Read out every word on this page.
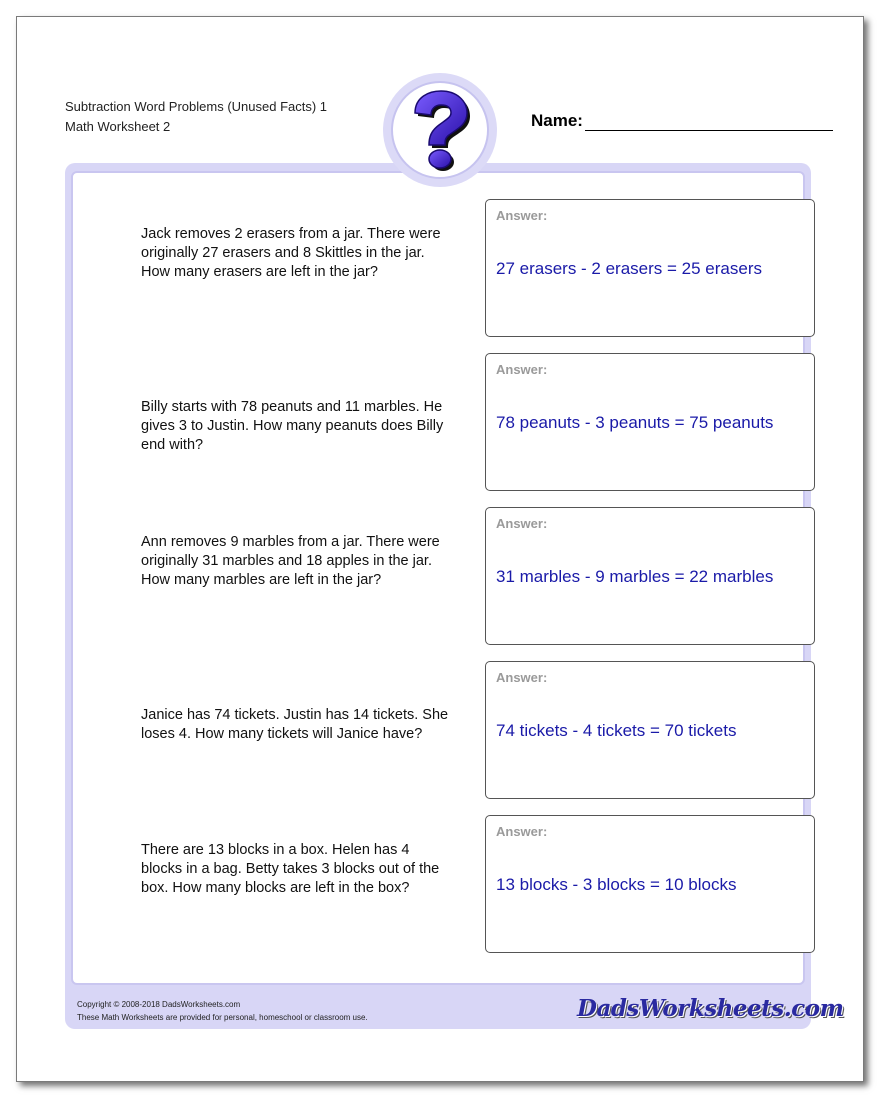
Subtraction Word Problems (Unused Facts) 1
Math Worksheet 2	Name:
Jack removes 2 erasers from a jar. There were originally 27 erasers and 8 Skittles in the jar. How many erasers are left in the jar?
Answer:
27 erasers - 2 erasers = 25 erasers
Billy starts with 78 peanuts and 11 marbles. He gives 3 to Justin. How many peanuts does Billy end with?
Answer:
78 peanuts - 3 peanuts = 75 peanuts
Ann removes 9 marbles from a jar. There were originally 31 marbles and 18 apples in the jar. How many marbles are left in the jar?
Answer:
31 marbles - 9 marbles = 22 marbles
Janice has 74 tickets. Justin has 14 tickets. She loses 4. How many tickets will Janice have?
Answer:
74 tickets - 4 tickets = 70 tickets
There are 13 blocks in a box. Helen has 4 blocks in a bag. Betty takes 3 blocks out of the box. How many blocks are left in the box?
Answer:
13 blocks - 3 blocks = 10 blocks
Copyright © 2008-2018 DadsWorksheets.com
These Math Worksheets are provided for personal, homeschool or classroom use.	DadsWorksheets.com
